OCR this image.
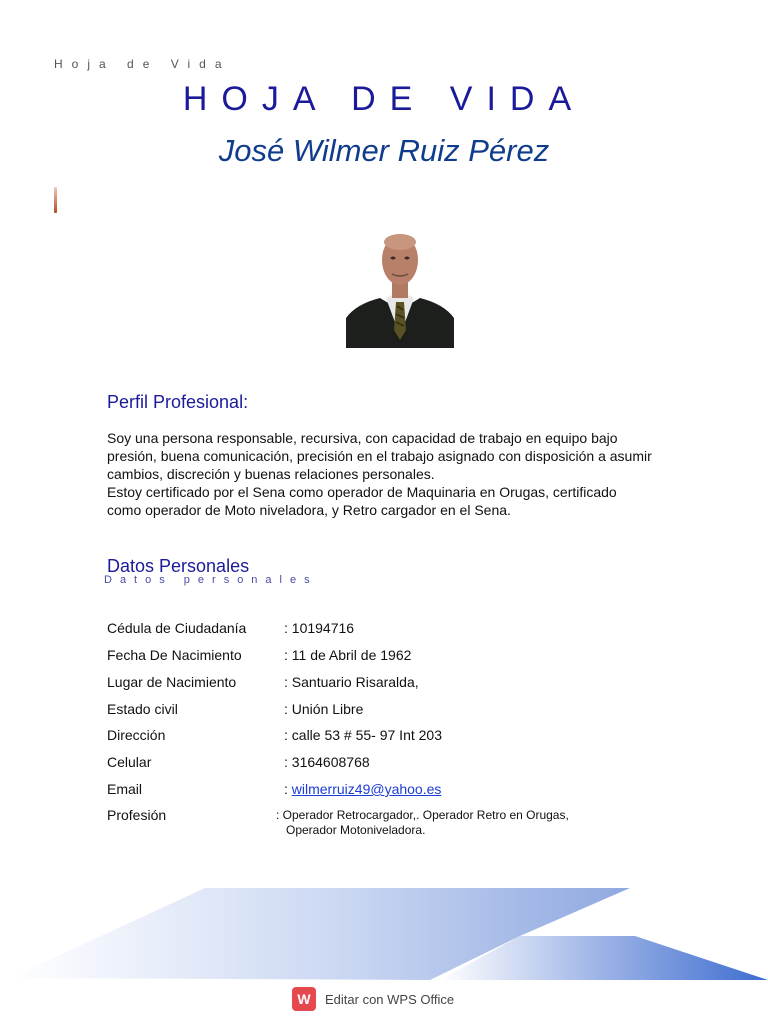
Hoja de Vida
HOJA DE VIDA
José Wilmer Ruiz Pérez
Perfil Profesional:

Soy una persona responsable, recursiva, con capacidad de trabajo en equipo bajo

presión, buena comunicación, precisión en el trabajo asignado con disposición a asumir

cambios, discreción y buenas relaciones personales.

Estoy certificado por el Sena como operador de Maquinaria en Orugas, certificado

como operador de Moto niveladora, y Retro cargador en el Sena.

Datos Personales
Datos personales
Cédula de Ciudadanía	: 10194716
Fecha De Nacimiento	: 11 de Abril de 1962
Lugar de Nacimiento	: Santuario Risaralda,
Estado civil	: Unión Libre
Dirección	: calle 53 # 55- 97 Int 203
Celular	: 3164608768
Email	: wilmerruiz49@yahoo.es
Profesión	: Operador Retrocargador,. Operador Retro en Orugas,
Operador Motoniveladora.
W	Editar con WPS Office
